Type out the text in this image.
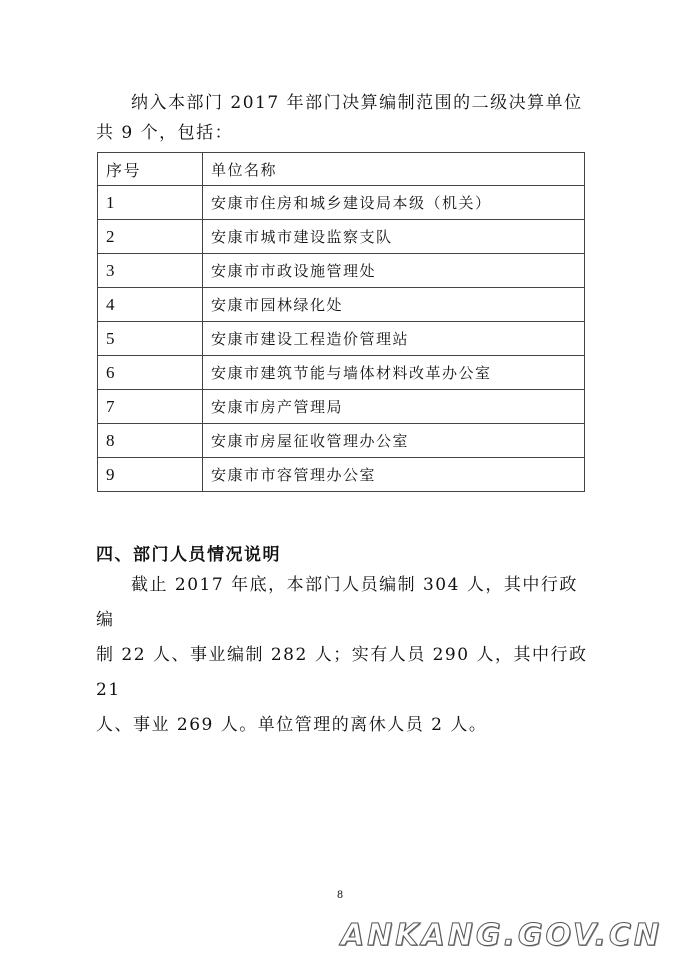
纳入本部门 2017 年部门决算编制范围的二级决算单位
共 9 个，包括：

序号	单位名称
1	安康市住房和城乡建设局本级（机关）
2	安康市城市建设监察支队
3	安康市市政设施管理处
4	安康市园林绿化处
5	安康市建设工程造价管理站
6	安康市建筑节能与墙体材料改革办公室
7	安康市房产管理局
8	安康市房屋征收管理办公室
9	安康市市容管理办公室
四、部门人员情况说明

截止 2017 年底，本部门人员编制 304 人，其中行政编
制 22 人、事业编制 282 人；实有人员 290 人，其中行政 21
人、事业 269 人。单位管理的离休人员 2 人。

8

ANKANG.GOV.CN
